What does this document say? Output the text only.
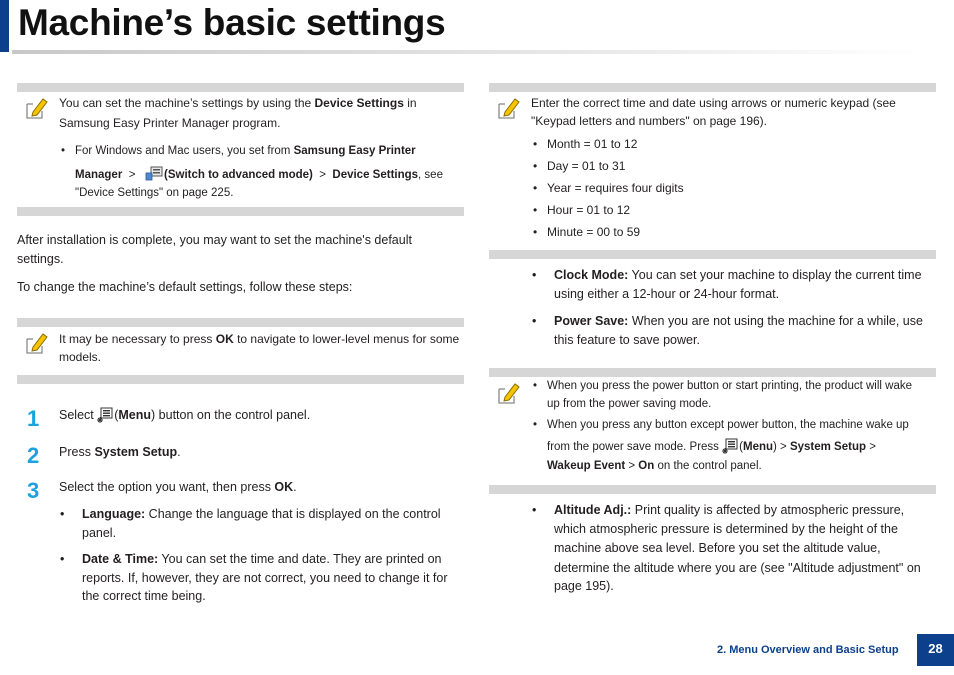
Machine’s basic settings
You can set the machine’s settings by using the Device Settings in
Samsung Easy Printer Manager program.
• For Windows and Mac users, you set from Samsung Easy Printer
Manager > (Switch to advanced mode) > Device Settings, see
"Device Settings" on page 225.
After installation is complete, you may want to set the machine's default
settings.
To change the machine’s default settings, follow these steps:
It may be necessary to press OK to navigate to lower-level menus for some
models.
1 Select (Menu) button on the control panel.
2 Press System Setup.
3 Select the option you want, then press OK.
• Language: Change the language that is displayed on the control
panel.
• Date & Time: You can set the time and date. They are printed on
reports. If, however, they are not correct, you need to change it for
the correct time being.
Enter the correct time and date using arrows or numeric keypad (see
"Keypad letters and numbers" on page 196).
• Month = 01 to 12
• Day = 01 to 31
• Year = requires four digits
• Hour = 01 to 12
• Minute = 00 to 59
• Clock Mode: You can set your machine to display the current time
using either a 12-hour or 24-hour format.
• Power Save: When you are not using the machine for a while, use
this feature to save power.
• When you press the power button or start printing, the product will wake
up from the power saving mode.
• When you press any button except power button, the machine wake up
from the power save mode. Press (Menu) > System Setup >
Wakeup Event > On on the control panel.
• Altitude Adj.: Print quality is affected by atmospheric pressure,
which atmospheric pressure is determined by the height of the
machine above sea level. Before you set the altitude value,
determine the altitude where you are (see "Altitude adjustment" on
page 195).
2. Menu Overview and Basic Setup	28
